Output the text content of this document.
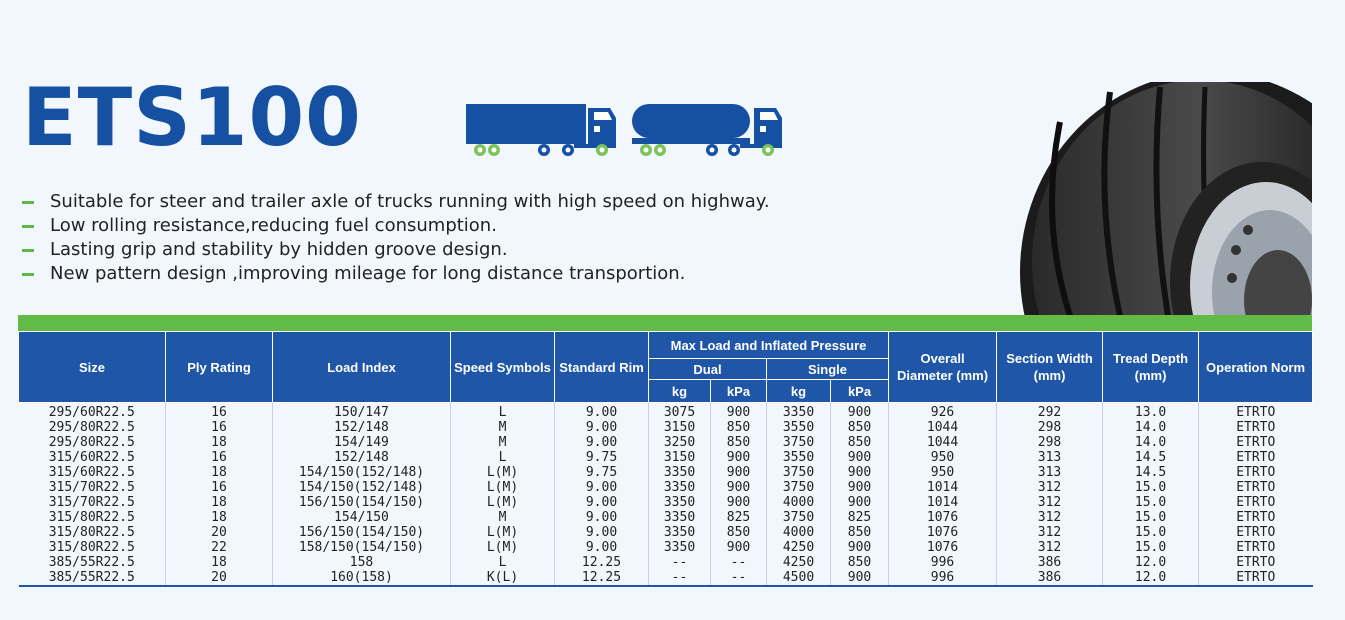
ETS100
Suitable for steer and trailer axle of trucks running with high speed on highway.
Low rolling resistance,reducing fuel consumption.
Lasting grip and stability by hidden groove design.
New pattern design ,improving mileage for long distance transportion.
Size	Ply Rating	Load Index	Speed Symbols	Standard Rim	Max Load and Inflated Pressure				Overall Diameter (mm)	Section Width (mm)	Tread Depth (mm)	Operation Norm
					Dual		Single					
					kg	kPa	kg	kPa				
295/60R22.5	16	150/147	L	9.00	3075	900	3350	900	926	292	13.0	ETRTO
295/80R22.5	16	152/148	M	9.00	3150	850	3550	850	1044	298	14.0	ETRTO
295/80R22.5	18	154/149	M	9.00	3250	850	3750	850	1044	298	14.0	ETRTO
315/60R22.5	16	152/148	L	9.75	3150	900	3550	900	950	313	14.5	ETRTO
315/60R22.5	18	154/150(152/148)	L(M)	9.75	3350	900	3750	900	950	313	14.5	ETRTO
315/70R22.5	16	154/150(152/148)	L(M)	9.00	3350	900	3750	900	1014	312	15.0	ETRTO
315/70R22.5	18	156/150(154/150)	L(M)	9.00	3350	900	4000	900	1014	312	15.0	ETRTO
315/80R22.5	18	154/150	M	9.00	3350	825	3750	825	1076	312	15.0	ETRTO
315/80R22.5	20	156/150(154/150)	L(M)	9.00	3350	850	4000	850	1076	312	15.0	ETRTO
315/80R22.5	22	158/150(154/150)	L(M)	9.00	3350	900	4250	900	1076	312	15.0	ETRTO
385/55R22.5	18	158	L	12.25	--	--	4250	850	996	386	12.0	ETRTO
385/55R22.5	20	160(158)	K(L)	12.25	--	--	4500	900	996	386	12.0	ETRTO
